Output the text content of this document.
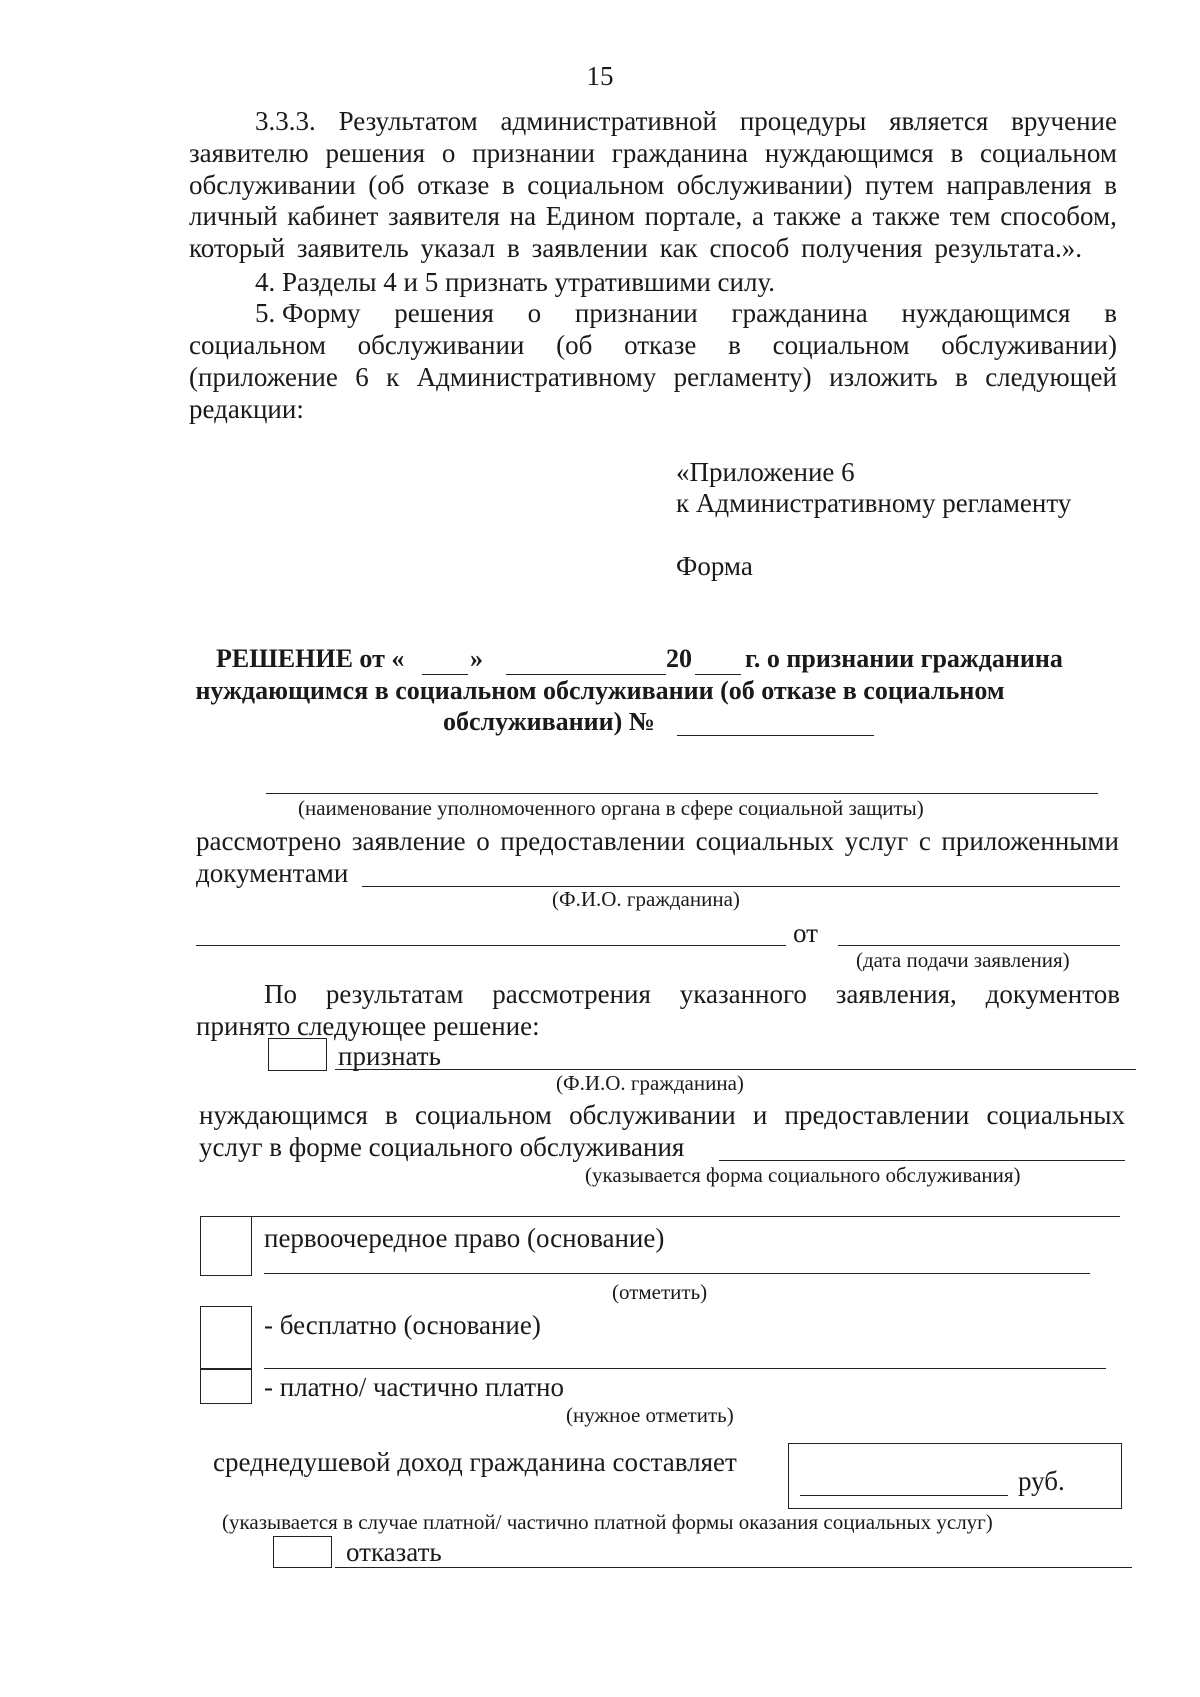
15
3.3.3. Результатом административной процедуры является вручение
заявителю решения о признании гражданина нуждающимся в социальном
обслуживании (об отказе в социальном обслуживании) путем направления в
личный кабинет заявителя на Едином портале, а также а также тем способом,
который заявитель указал в заявлении как способ получения результата.».
4. Разделы 4 и 5 признать утратившими силу.
5. Форму решения о признании гражданина нуждающимся в
социальном обслуживании (об отказе в социальном обслуживании)
(приложение 6 к Административному регламенту) изложить в следующей
редакции:
«Приложение 6
к Административному регламенту
Форма
РЕШЕНИЕ от «	»	20 г. о признании гражданина
нуждающимся в социальном обслуживании (об отказе в социальном
обслуживании) №
(наименование уполномоченного органа в сфере социальной защиты)
рассмотрено заявление о предоставлении социальных услуг с приложенными
документами
(Ф.И.О. гражданина)
от
(дата подачи заявления)
По результатам рассмотрения указанного заявления, документов
принято следующее решение:
признать
(Ф.И.О. гражданина)
нуждающимся в социальном обслуживании и предоставлении социальных
услуг в форме социального обслуживания
(указывается форма социального обслуживания)
первоочередное право (основание)
(отметить)
- бесплатно (основание)
- платно/ частично платно
(нужное отметить)
среднедушевой доход гражданина составляет
руб.
(указывается в случае платной/ частично платной формы оказания социальных услуг)
отказать
